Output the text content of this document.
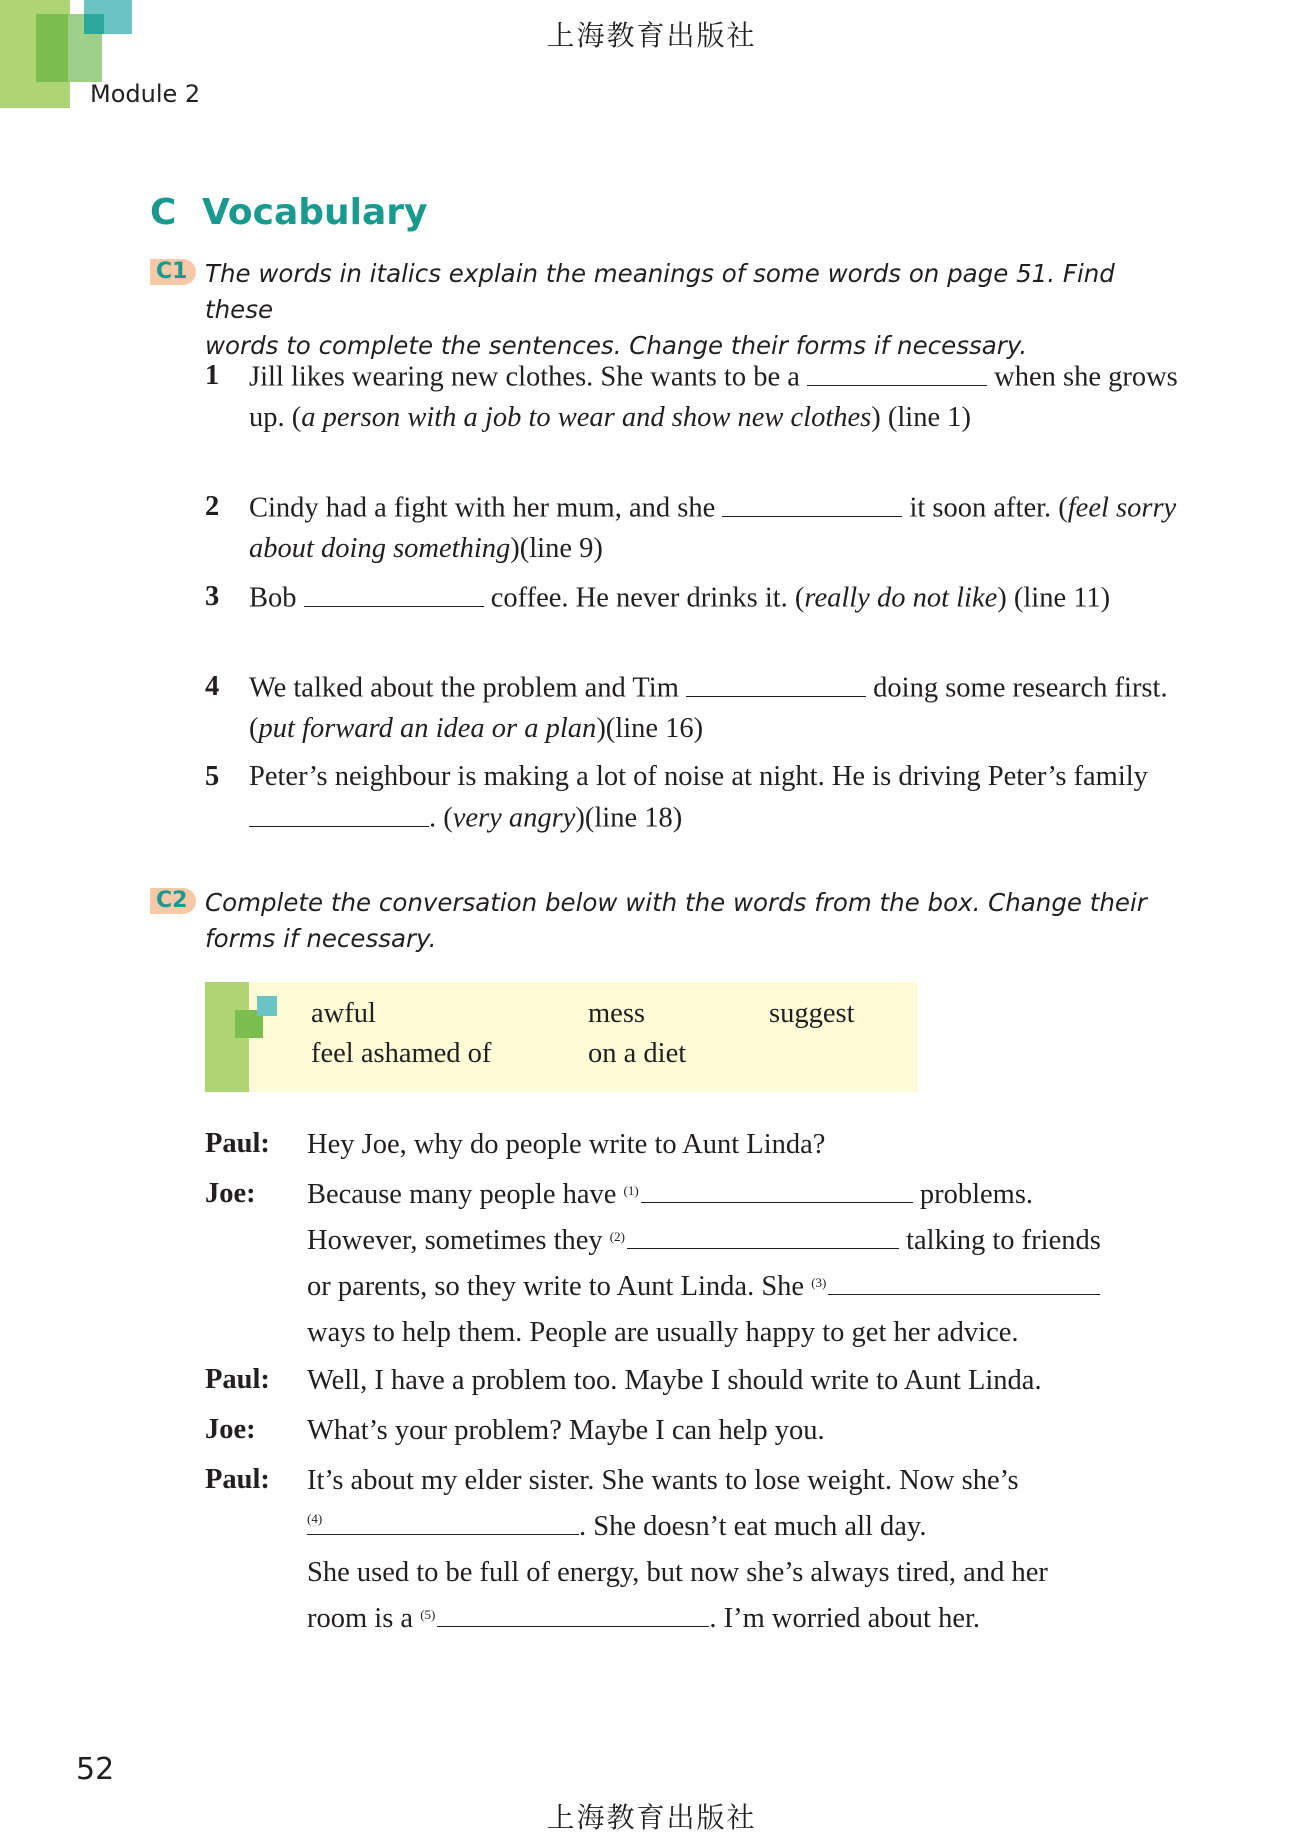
上海教育出版社
Module 2
C Vocabulary
C1 The words in italics explain the meanings of some words on page 51. Find these
words to complete the sentences. Change their forms if necessary.
1 Jill likes wearing new clothes. She wants to be a	when she grows up. (a person with a job to wear and show new clothes) (line 1)
2 Cindy had a fight with her mum, and she	it soon after. (feel sorry about doing something)(line 9)
3 Bob	coffee. He never drinks it. (really do not like) (line 11)
4 We talked about the problem and Tim	doing some research first. (put forward an idea or a plan)(line 16)
5 Peter’s neighbour is making a lot of noise at night. He is driving Peter’s family . (very angry)(line 18)
C2 Complete the conversation below with the words from the box. Change their
forms if necessary.
awful	mess	suggest
feel ashamed of	on a diet
Paul: Hey Joe, why do people write to Aunt Linda?
Joe: Because many people have $^{(1)}$	problems.
However, sometimes they $^{(2)}$	talking to friends
or parents, so they write to Aunt Linda. She $^{(3)}$
ways to help them. People are usually happy to get her advice.
Paul: Well, I have a problem too. Maybe I should write to Aunt Linda.
Joe: What’s your problem? Maybe I can help you.
Paul: It’s about my elder sister. She wants to lose weight. Now she’s
(4)	. She doesn’t eat much all day.
She used to be full of energy, but now she’s always tired, and her
room is a $^{(5)}$	. I’m worried about her.
52
上海教育出版社
